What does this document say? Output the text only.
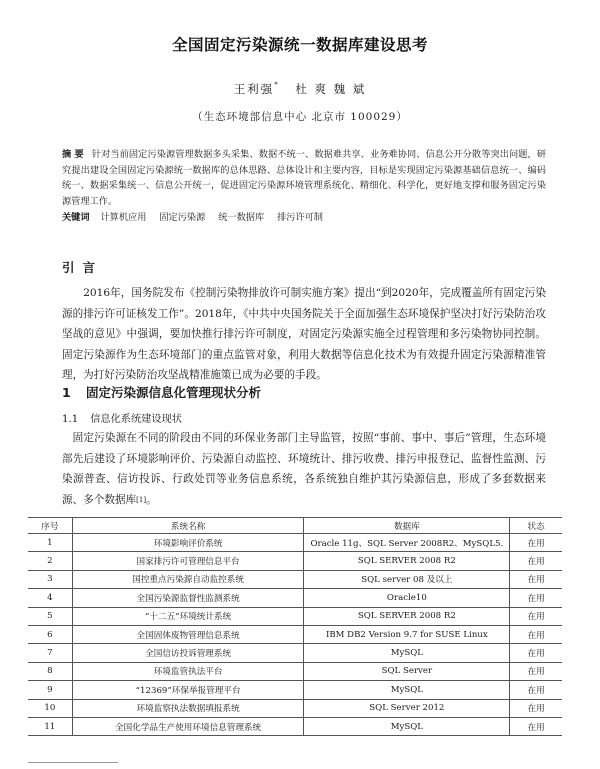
全国固定污染源统一数据库建设思考
王利强* 杜 爽 魏 斌
（生态环境部信息中心 北京市 100029）
摘 要 针对当前固定污染源管理数据多头采集、数据不统一、数据难共享、业务难协同、信息公开分散等突出问题，研究提出建设全国固定污染源统一数据库的总体思路、总体设计和主要内容，目标是实现固定污染源基础信息统一、编码统一、数据采集统一、信息公开统一，促进固定污染源环境管理系统化、精细化、科学化，更好地支撑和服务固定污染源管理工作。
关键词 计算机应用 固定污染源 统一数据库 排污许可制
引言
2016年，国务院发布《控制污染物排放许可制实施方案》提出“到2020年，完成覆盖所有固定污染源的排污许可证核发工作”。2018年，《中共中央国务院关于全面加强生态环境保护坚决打好污染防治攻坚战的意见》中强调，要加快推行排污许可制度，对固定污染源实施全过程管理和多污染物协同控制。固定污染源作为生态环境部门的重点监管对象，利用大数据等信息化技术为有效提升固定污染源精准管理，为打好污染防治攻坚战精准施策已成为必要的手段。
1 固定污染源信息化管理现状分析
1.1 信息化系统建设现状
固定污染源在不同的阶段由不同的环保业务部门主导监管，按照“事前、事中、事后”管理，生态环境部先后建设了环境影响评价、污染源自动监控、环境统计、排污收费、排污申报登记、监督性监测、污染源普查、信访投诉、行政处罚等业务信息系统，各系统独自维护其污染源信息，形成了多套数据来源、多个数据库[1]。
序号	系统名称	数据库	状态
1	环境影响评价系统	Oracle 11g、SQL Server 2008R2、MySQL5.	在用
2	国家排污许可管理信息平台	SQL SERVER 2008 R2	在用
3	国控重点污染源自动监控系统	SQL server 08 及以上	在用
4	全国污染源监督性监测系统	Oracle10	在用
5	“十二五”环境统计系统	SQL SERVER 2008 R2	在用
6	全国固体废物管理信息系统	IBM DB2 Version 9.7 for SUSE Linux	在用
7	全国信访投诉管理系统	MySQL	在用
8	环境监管执法平台	SQL Server	在用
9	“12369”环保举报管理平台	MySQL	在用
10	环境监察执法数据填报系统	SQL Server 2012	在用
11	全国化学品生产使用环境信息管理系统	MySQL	在用
